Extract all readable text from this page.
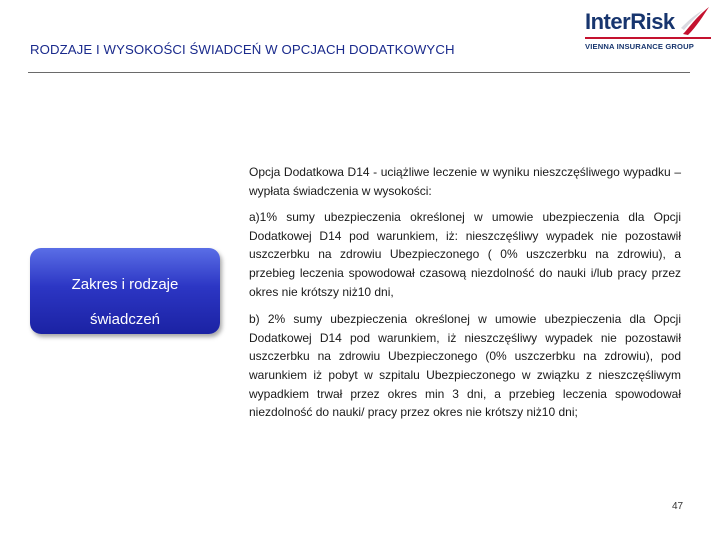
RODZAJE I WYSOKOŚCI ŚWIADCEŃ W OPCJACH DODATKOWYCH
InterRisk
VIENNA INSURANCE GROUP
Zakres i rodzaje
świadczeń

Opcja Dodatkowa D14 - uciążliwe leczenie w wyniku nieszczęśliwego wypadku – wypłata świadczenia w wysokości:

a)1% sumy ubezpieczenia określonej w umowie ubezpieczenia dla Opcji Dodatkowej D14 pod warunkiem, iż: nieszczęśliwy wypadek nie pozostawił uszczerbku na zdrowiu Ubezpieczonego ( 0% uszczerbku na zdrowiu), a przebieg leczenia spowodował czasową niezdolność do nauki i/lub pracy przez okres nie krótszy niż10 dni,

b) 2% sumy ubezpieczenia określonej w umowie ubezpieczenia dla Opcji Dodatkowej D14 pod warunkiem, iż nieszczęśliwy wypadek nie pozostawił uszczerbku na zdrowiu Ubezpieczonego (0% uszczerbku na zdrowiu), pod warunkiem iż pobyt w szpitalu Ubezpieczonego w związku z nieszczęśliwym wypadkiem trwał przez okres min 3 dni, a przebieg leczenia spowodował niezdolność do nauki/ pracy przez okres nie krótszy niż10 dni;

47
